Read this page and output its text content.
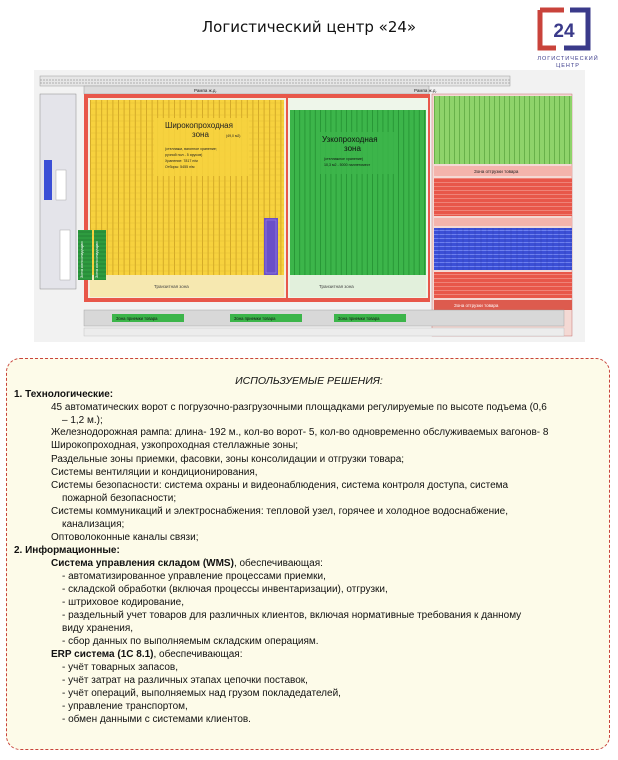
Логистический центр «24»	24
ЛОГИСТИЧЕСКИЙ
ЦЕНТР
Рампа ж.д.	Рампа ж.д.
Широкопроходная
зона	(49,0 м2)
(стеллажи, вагонное хранение;
ручной пол - 5 ярусов)
Хранение: 7817 п/м
Отборы: 5455 п/м
Транзитная зона
Узкопроходная
зона
(стеллажное хранение)
10,3 м2 - 5000 паллетомест
Транзитная зона
Зона консолидации	Зона консолидации
Зона отгрузки товара
Зона отгрузки товара
Зона приемки товара	Зона приемки товара	Зона приемки товара
ИСПОЛЬЗУЕМЫЕ РЕШЕНИЯ:
1. Технологические:
45 автоматических ворот с погрузочно-разгрузочными площадками регулируемые по высоте подъема (0,6
– 1,2 м.);
Железнодорожная рампа: длина- 192 м., кол-во ворот- 5, кол-во одновременно обслуживаемых вагонов- 8
Широкопроходная, узкопроходная стеллажные зоны;
Раздельные зоны приемки, фасовки, зоны консолидации и отгрузки товара;
Системы вентиляции и кондиционирования,
Системы безопасности: система охраны и видеонаблюдения, система контроля доступа, система
пожарной безопасности;
Системы коммуникаций и электроснабжения: тепловой узел, горячее и холодное водоснабжение,
канализация;
Оптоволоконные каналы связи;
2. Информационные:
Система управления складом (WMS), обеспечивающая:
- автоматизированное управление процессами приемки,
- складской обработки (включая процессы инвентаризации), отгрузки,
- штриховое кодирование,
- раздельный учет товаров для различных клиентов, включая нормативные требования к данному
виду хранения,
- сбор данных по выполняемым складским операциям.
ERP система (1С 8.1), обеспечивающая:
- учёт товарных запасов,
- учёт затрат на различных этапах цепочки поставок,
- учёт операций, выполняемых над грузом покладедателей,
- управление транспортом,
- обмен данными с системами клиентов.
